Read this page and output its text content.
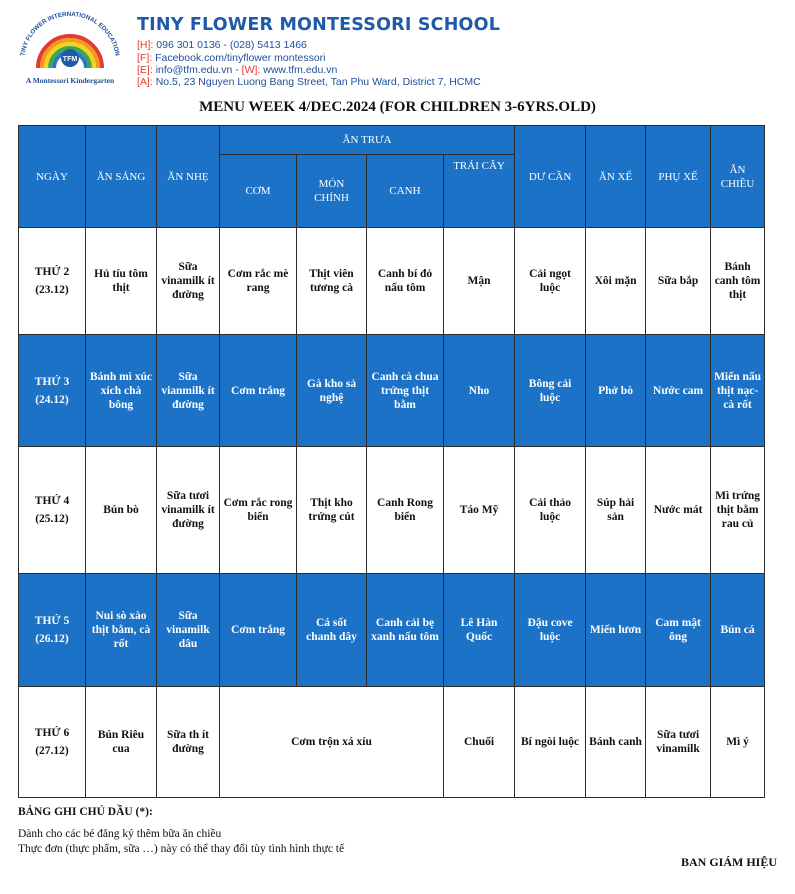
TINY FLOWER INTERNATIONAL EDUCATION
TFM
A Montessori Kindergarten
TINY FLOWER MONTESSORI SCHOOL
[H]: 096 301 0136 - (028) 5413 1466
[F]: Facebook.com/tinyflower montessori
[E]: info@tfm.edu.vn - [W]: www.tfm.edu.vn
[A]: No.5, 23 Nguyen Luong Bang Street, Tan Phu Ward, District 7, HCMC
MENU WEEK 4/DEC.2024 (FOR CHILDREN 3-6YRS.OLD)
NGÀY	ĂN SÁNG	ĂN NHẸ	ĂN TRƯA				DƯ CẦN	ĂN XẾ	PHỤ XẾ	ĂN CHIỀU
			CƠM	MÓN CHÍNH	CANH	TRÁI CÂY				

THỨ 2
(23.12)	Hủ tíu tôm thịt	Sữa vinamilk ít đường	Cơm rắc mè rang	Thịt viên tương cà	Canh bí đỏ nấu tôm	Mận	Cải ngọt luộc	Xôi mặn	Sữa bắp	Bánh canh tôm thịt

THỨ 3
(24.12)	Bánh mì xúc xích chà bông	Sữa vianmilk ít đường	Cơm trắng	Gà kho sả nghệ	Canh cà chua trứng thịt bằm	Nho	Bông cải luộc	Phở bò	Nước cam	Miến nấu thịt nạc-cà rốt

THỨ 4
(25.12)	Bún bò	Sữa tươi vinamilk ít đường	Cơm rắc rong biển	Thịt kho trứng cút	Canh Rong biển	Táo Mỹ	Cải thảo luộc	Súp hải sản	Nước mát	Mì trứng thịt bằm rau củ

THỨ 5
(26.12)	Nui sò xào thịt bằm, cà rốt	Sữa vinamilk dâu	Cơm trắng	Cá sốt chanh dây	Canh cải bẹ xanh nấu tôm	Lê Hàn Quốc	Đậu cove luộc	Miến lươn	Cam mật ông	Bún cá

THỨ 6
(27.12)	Bún Riêu cua	Sữa th ít đường	Cơm trộn xá xíu			Chuối	Bí ngòi luộc	Bánh canh	Sữa tươi vinamilk	Mì ý
BẢNG GHI CHÚ DẦU (*):
Dành cho các bé đăng ký thêm bữa ăn chiều
Thực đơn (thực phẩm, sữa …) này có thể thay đổi tùy tình hình thực tế
BAN GIÁM HIỆU
